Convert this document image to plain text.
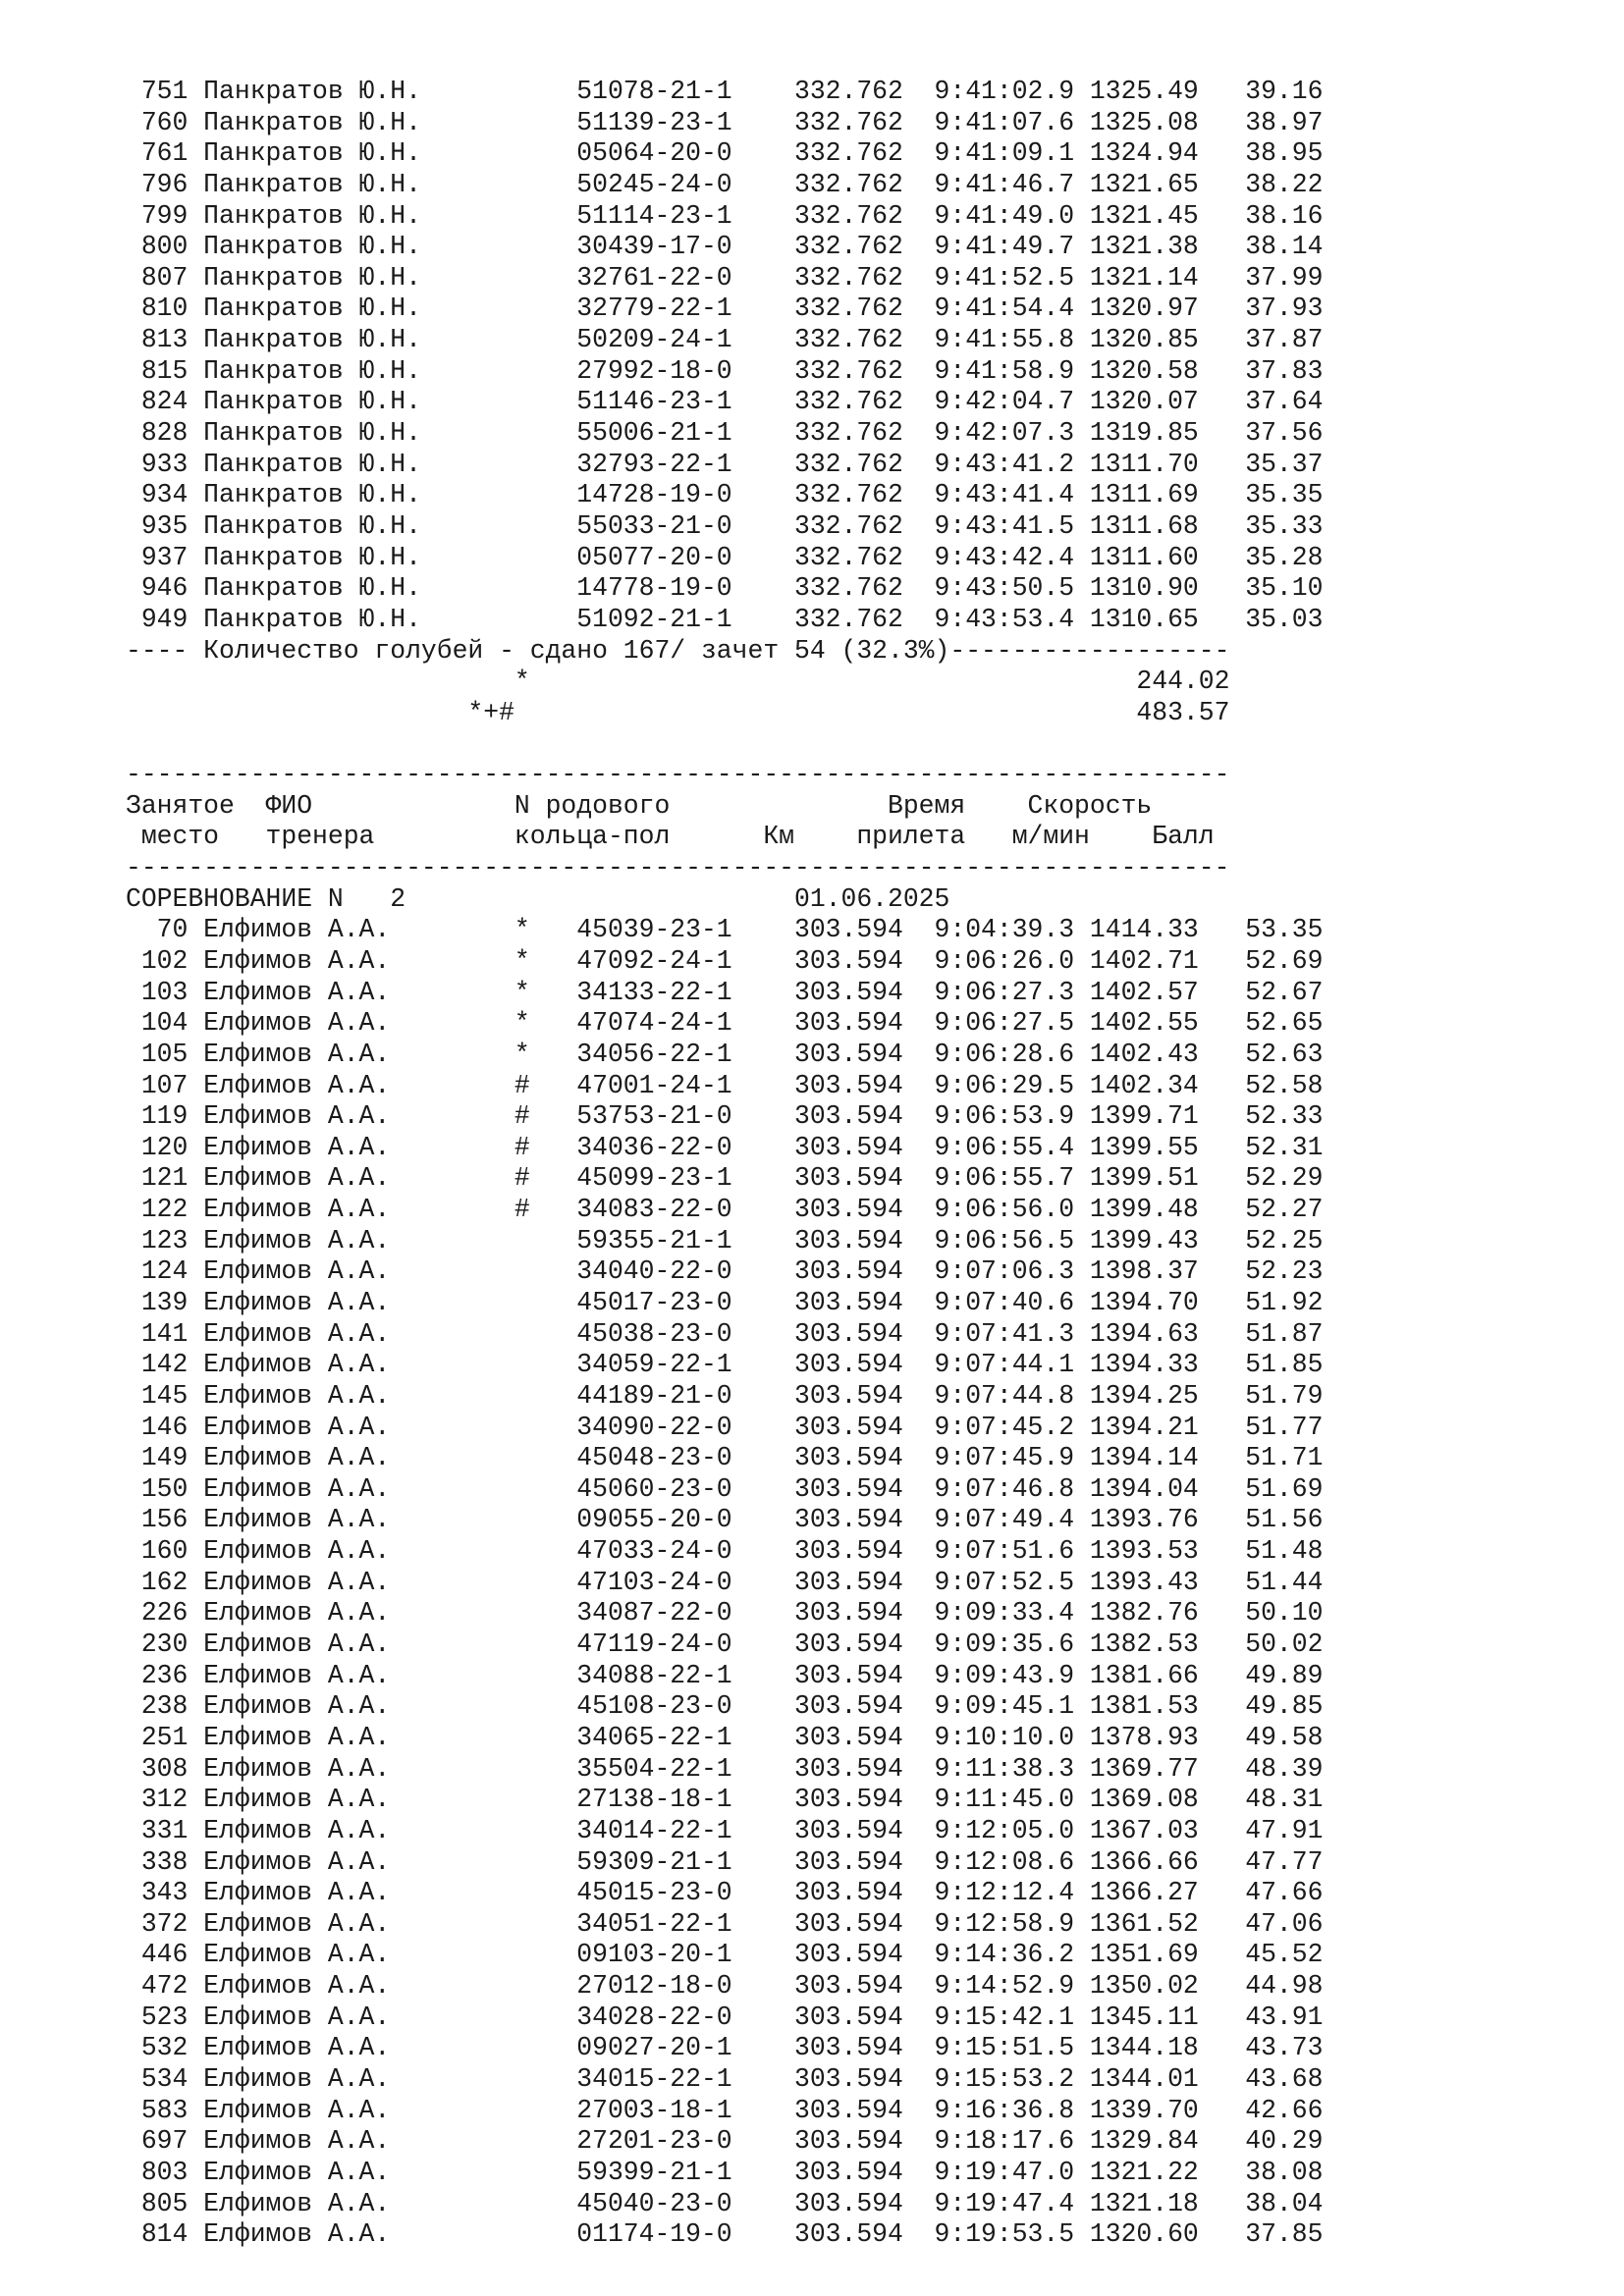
751 Панкратов Ю.Н.          51078-21-1    332.762  9:41:02.9 1325.49   39.16
760 Панкратов Ю.Н.          51139-23-1    332.762  9:41:07.6 1325.08   38.97
761 Панкратов Ю.Н.          05064-20-0    332.762  9:41:09.1 1324.94   38.95
796 Панкратов Ю.Н.          50245-24-0    332.762  9:41:46.7 1321.65   38.22
799 Панкратов Ю.Н.          51114-23-1    332.762  9:41:49.0 1321.45   38.16
800 Панкратов Ю.Н.          30439-17-0    332.762  9:41:49.7 1321.38   38.14
807 Панкратов Ю.Н.          32761-22-0    332.762  9:41:52.5 1321.14   37.99
810 Панкратов Ю.Н.          32779-22-1    332.762  9:41:54.4 1320.97   37.93
813 Панкратов Ю.Н.          50209-24-1    332.762  9:41:55.8 1320.85   37.87
815 Панкратов Ю.Н.          27992-18-0    332.762  9:41:58.9 1320.58   37.83
824 Панкратов Ю.Н.          51146-23-1    332.762  9:42:04.7 1320.07   37.64
828 Панкратов Ю.Н.          55006-21-1    332.762  9:42:07.3 1319.85   37.56
933 Панкратов Ю.Н.          32793-22-1    332.762  9:43:41.2 1311.70   35.37
934 Панкратов Ю.Н.          14728-19-0    332.762  9:43:41.4 1311.69   35.35
935 Панкратов Ю.Н.          55033-21-0    332.762  9:43:41.5 1311.68   35.33
937 Панкратов Ю.Н.          05077-20-0    332.762  9:43:42.4 1311.60   35.28
946 Панкратов Ю.Н.          14778-19-0    332.762  9:43:50.5 1310.90   35.10
949 Панкратов Ю.Н.          51092-21-1    332.762  9:43:53.4 1310.65   35.03
---- Количество голубей - сдано 167/ зачет 54 (32.3%)------------------
*                                       244.02
*+#                                        483.57
-----------------------------------------------------------------------
Занятое  ФИО             N родового              Время    Скорость
место   тренера         кольца-пол      Км    прилета   м/мин    Балл
-----------------------------------------------------------------------
СОРЕВНОВАНИЕ N   2                         01.06.2025
70 Елфимов А.А.        *   45039-23-1    303.594  9:04:39.3 1414.33   53.35
102 Елфимов А.А.        *   47092-24-1    303.594  9:06:26.0 1402.71   52.69
103 Елфимов А.А.        *   34133-22-1    303.594  9:06:27.3 1402.57   52.67
104 Елфимов А.А.        *   47074-24-1    303.594  9:06:27.5 1402.55   52.65
105 Елфимов А.А.        *   34056-22-1    303.594  9:06:28.6 1402.43   52.63
107 Елфимов А.А.        #   47001-24-1    303.594  9:06:29.5 1402.34   52.58
119 Елфимов А.А.        #   53753-21-0    303.594  9:06:53.9 1399.71   52.33
120 Елфимов А.А.        #   34036-22-0    303.594  9:06:55.4 1399.55   52.31
121 Елфимов А.А.        #   45099-23-1    303.594  9:06:55.7 1399.51   52.29
122 Елфимов А.А.        #   34083-22-0    303.594  9:06:56.0 1399.48   52.27
123 Елфимов А.А.            59355-21-1    303.594  9:06:56.5 1399.43   52.25
124 Елфимов А.А.            34040-22-0    303.594  9:07:06.3 1398.37   52.23
139 Елфимов А.А.            45017-23-0    303.594  9:07:40.6 1394.70   51.92
141 Елфимов А.А.            45038-23-0    303.594  9:07:41.3 1394.63   51.87
142 Елфимов А.А.            34059-22-1    303.594  9:07:44.1 1394.33   51.85
145 Елфимов А.А.            44189-21-0    303.594  9:07:44.8 1394.25   51.79
146 Елфимов А.А.            34090-22-0    303.594  9:07:45.2 1394.21   51.77
149 Елфимов А.А.            45048-23-0    303.594  9:07:45.9 1394.14   51.71
150 Елфимов А.А.            45060-23-0    303.594  9:07:46.8 1394.04   51.69
156 Елфимов А.А.            09055-20-0    303.594  9:07:49.4 1393.76   51.56
160 Елфимов А.А.            47033-24-0    303.594  9:07:51.6 1393.53   51.48
162 Елфимов А.А.            47103-24-0    303.594  9:07:52.5 1393.43   51.44
226 Елфимов А.А.            34087-22-0    303.594  9:09:33.4 1382.76   50.10
230 Елфимов А.А.            47119-24-0    303.594  9:09:35.6 1382.53   50.02
236 Елфимов А.А.            34088-22-1    303.594  9:09:43.9 1381.66   49.89
238 Елфимов А.А.            45108-23-0    303.594  9:09:45.1 1381.53   49.85
251 Елфимов А.А.            34065-22-1    303.594  9:10:10.0 1378.93   49.58
308 Елфимов А.А.            35504-22-1    303.594  9:11:38.3 1369.77   48.39
312 Елфимов А.А.            27138-18-1    303.594  9:11:45.0 1369.08   48.31
331 Елфимов А.А.            34014-22-1    303.594  9:12:05.0 1367.03   47.91
338 Елфимов А.А.            59309-21-1    303.594  9:12:08.6 1366.66   47.77
343 Елфимов А.А.            45015-23-0    303.594  9:12:12.4 1366.27   47.66
372 Елфимов А.А.            34051-22-1    303.594  9:12:58.9 1361.52   47.06
446 Елфимов А.А.            09103-20-1    303.594  9:14:36.2 1351.69   45.52
472 Елфимов А.А.            27012-18-0    303.594  9:14:52.9 1350.02   44.98
523 Елфимов А.А.            34028-22-0    303.594  9:15:42.1 1345.11   43.91
532 Елфимов А.А.            09027-20-1    303.594  9:15:51.5 1344.18   43.73
534 Елфимов А.А.            34015-22-1    303.594  9:15:53.2 1344.01   43.68
583 Елфимов А.А.            27003-18-1    303.594  9:16:36.8 1339.70   42.66
697 Елфимов А.А.            27201-23-0    303.594  9:18:17.6 1329.84   40.29
803 Елфимов А.А.            59399-21-1    303.594  9:19:47.0 1321.22   38.08
805 Елфимов А.А.            45040-23-0    303.594  9:19:47.4 1321.18   38.04
814 Елфимов А.А.            01174-19-0    303.594  9:19:53.5 1320.60   37.85
